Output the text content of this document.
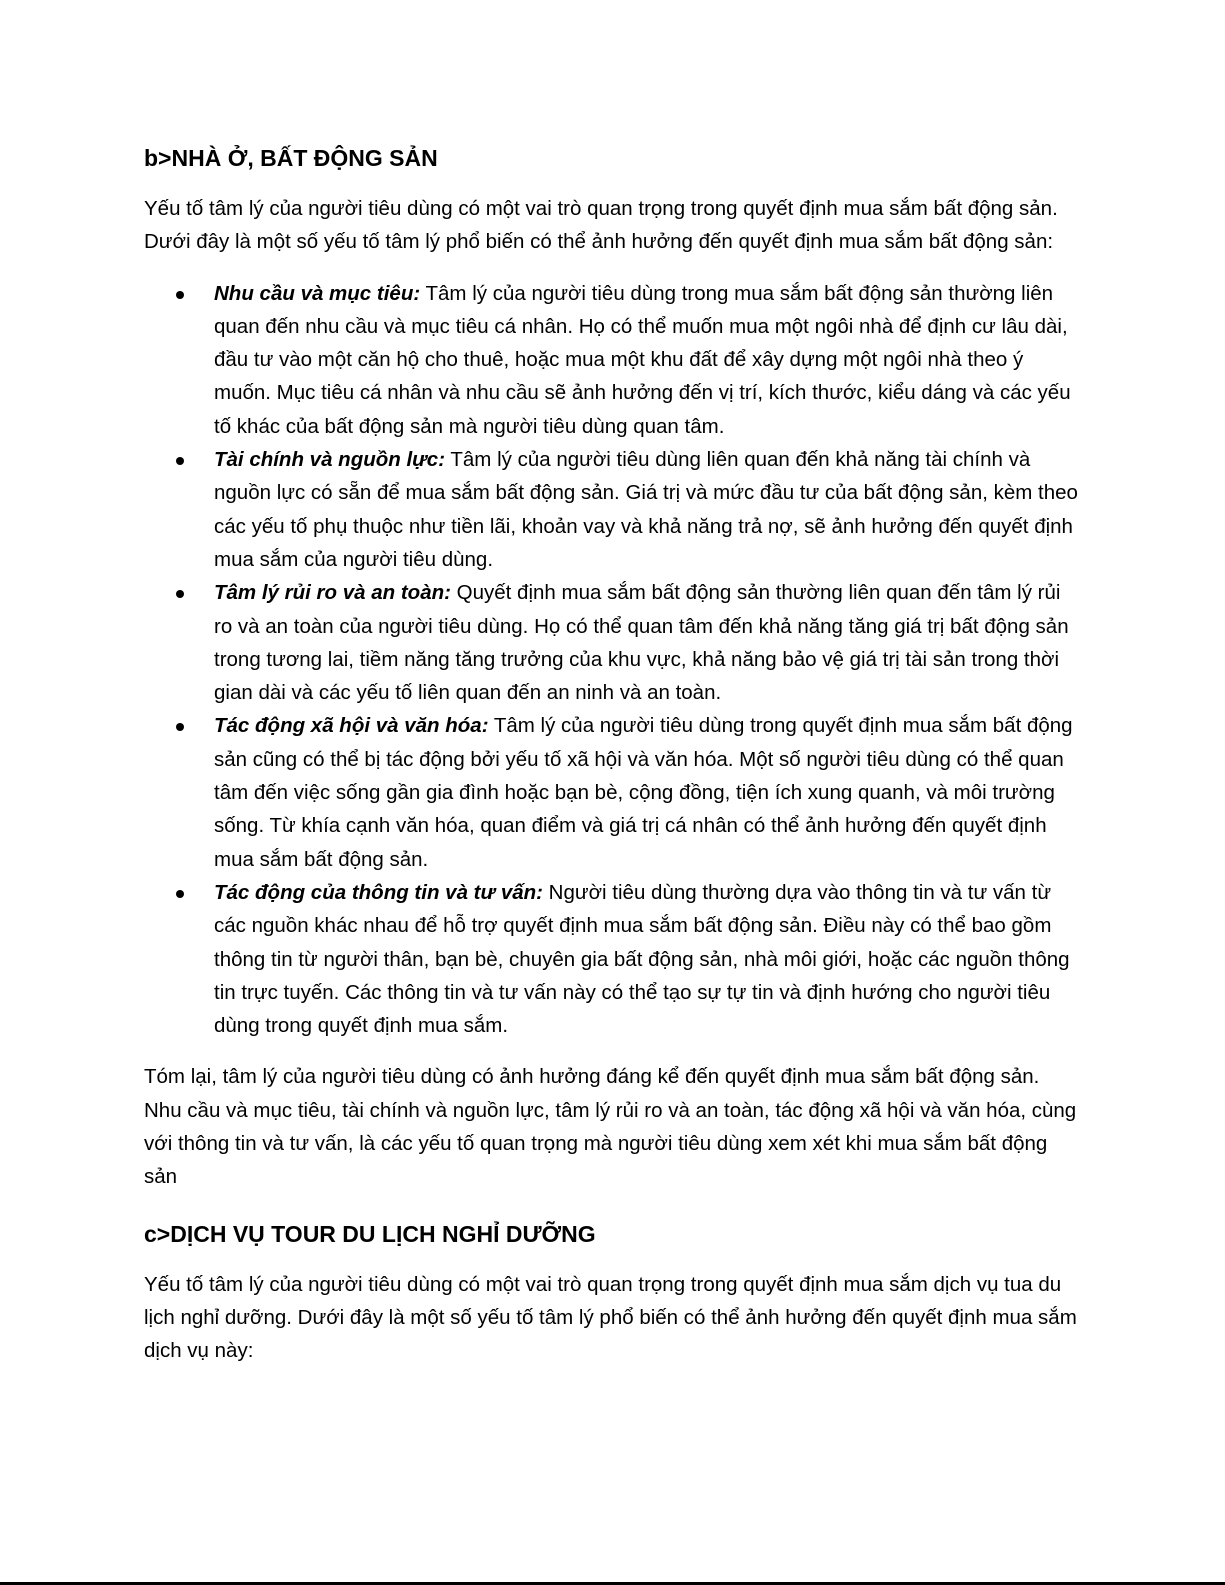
b>NHÀ Ở, BẤT ĐỘNG SẢN

Yếu tố tâm lý của người tiêu dùng có một vai trò quan trọng trong quyết định mua sắm bất động sản. Dưới đây là một số yếu tố tâm lý phổ biến có thể ảnh hưởng đến quyết định mua sắm bất động sản:

Nhu cầu và mục tiêu: Tâm lý của người tiêu dùng trong mua sắm bất động sản thường liên quan đến nhu cầu và mục tiêu cá nhân. Họ có thể muốn mua một ngôi nhà để định cư lâu dài, đầu tư vào một căn hộ cho thuê, hoặc mua một khu đất để xây dựng một ngôi nhà theo ý muốn. Mục tiêu cá nhân và nhu cầu sẽ ảnh hưởng đến vị trí, kích thước, kiểu dáng và các yếu tố khác của bất động sản mà người tiêu dùng quan tâm.
Tài chính và nguồn lực: Tâm lý của người tiêu dùng liên quan đến khả năng tài chính và nguồn lực có sẵn để mua sắm bất động sản. Giá trị và mức đầu tư của bất động sản, kèm theo các yếu tố phụ thuộc như tiền lãi, khoản vay và khả năng trả nợ, sẽ ảnh hưởng đến quyết định mua sắm của người tiêu dùng.
Tâm lý rủi ro và an toàn: Quyết định mua sắm bất động sản thường liên quan đến tâm lý rủi ro và an toàn của người tiêu dùng. Họ có thể quan tâm đến khả năng tăng giá trị bất động sản trong tương lai, tiềm năng tăng trưởng của khu vực, khả năng bảo vệ giá trị tài sản trong thời gian dài và các yếu tố liên quan đến an ninh và an toàn.
Tác động xã hội và văn hóa: Tâm lý của người tiêu dùng trong quyết định mua sắm bất động sản cũng có thể bị tác động bởi yếu tố xã hội và văn hóa. Một số người tiêu dùng có thể quan tâm đến việc sống gần gia đình hoặc bạn bè, cộng đồng, tiện ích xung quanh, và môi trường sống. Từ khía cạnh văn hóa, quan điểm và giá trị cá nhân có thể ảnh hưởng đến quyết định mua sắm bất động sản.
Tác động của thông tin và tư vấn: Người tiêu dùng thường dựa vào thông tin và tư vấn từ các nguồn khác nhau để hỗ trợ quyết định mua sắm bất động sản. Điều này có thể bao gồm thông tin từ người thân, bạn bè, chuyên gia bất động sản, nhà môi giới, hoặc các nguồn thông tin trực tuyến. Các thông tin và tư vấn này có thể tạo sự tự tin và định hướng cho người tiêu dùng trong quyết định mua sắm.

Tóm lại, tâm lý của người tiêu dùng có ảnh hưởng đáng kể đến quyết định mua sắm bất động sản. Nhu cầu và mục tiêu, tài chính và nguồn lực, tâm lý rủi ro và an toàn, tác động xã hội và văn hóa, cùng với thông tin và tư vấn, là các yếu tố quan trọng mà người tiêu dùng xem xét khi mua sắm bất động sản

c>DỊCH VỤ TOUR DU LỊCH NGHỈ DƯỠNG

Yếu tố tâm lý của người tiêu dùng có một vai trò quan trọng trong quyết định mua sắm dịch vụ tua du lịch nghỉ dưỡng. Dưới đây là một số yếu tố tâm lý phổ biến có thể ảnh hưởng đến quyết định mua sắm dịch vụ này:
